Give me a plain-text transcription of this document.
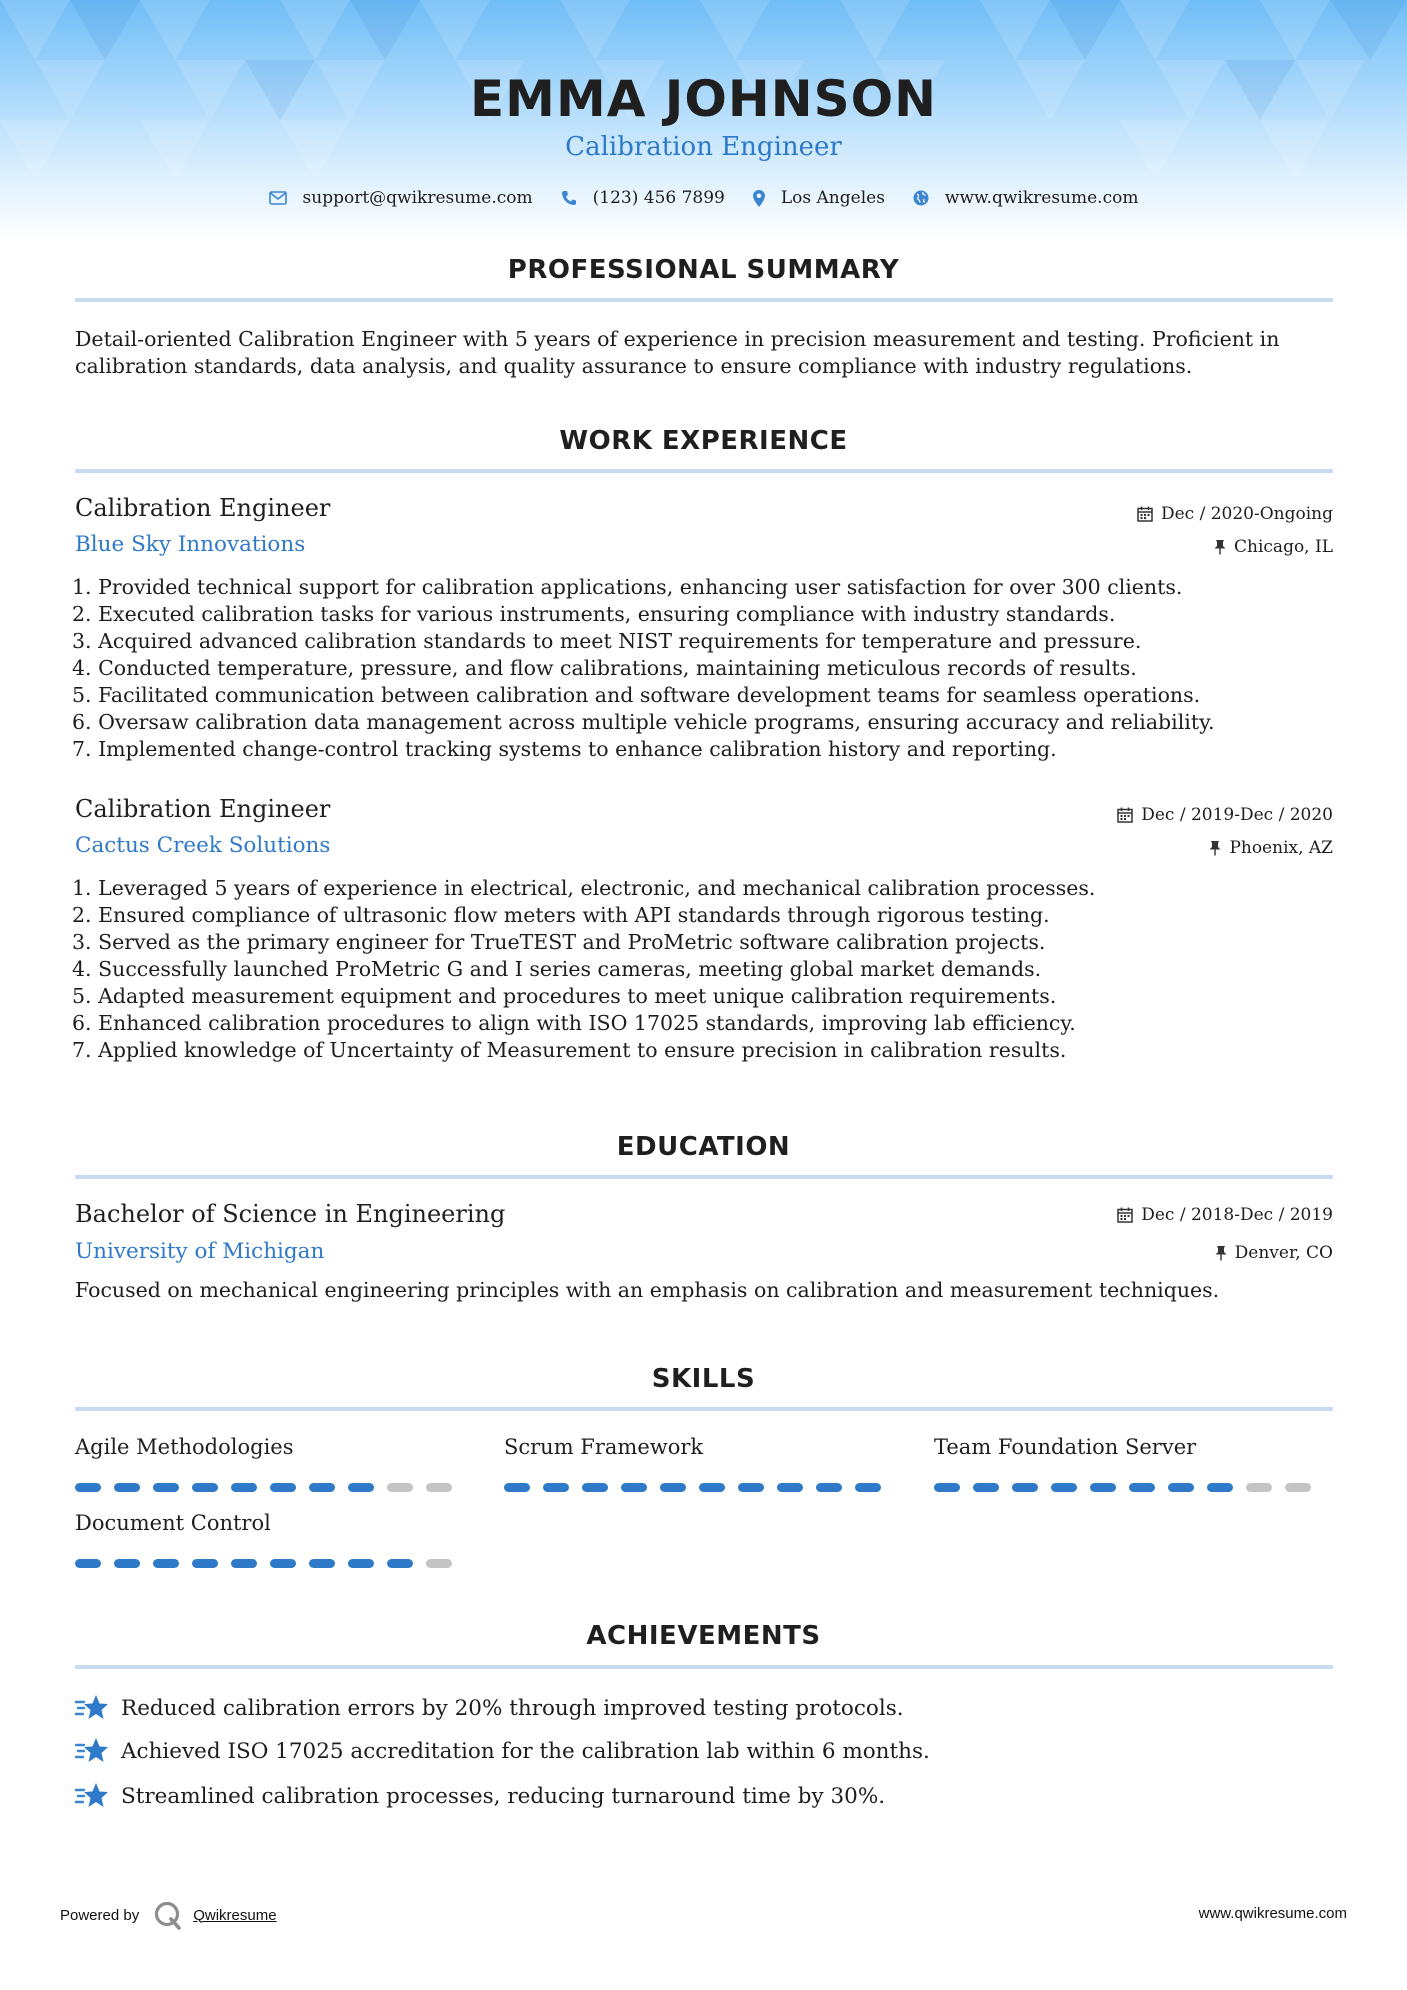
EMMA JOHNSON
Calibration Engineer
support@qwikresume.com	(123) 456 7899	Los Angeles	www.qwikresume.com
PROFESSIONAL SUMMARY
Detail-oriented Calibration Engineer with 5 years of experience in precision measurement and testing. Proficient in
calibration standards, data analysis, and quality assurance to ensure compliance with industry regulations.
WORK EXPERIENCE
Calibration Engineer	Dec / 2020-Ongoing
Blue Sky Innovations	Chicago, IL
1. Provided technical support for calibration applications, enhancing user satisfaction for over 300 clients.
2. Executed calibration tasks for various instruments, ensuring compliance with industry standards.
3. Acquired advanced calibration standards to meet NIST requirements for temperature and pressure.
4. Conducted temperature, pressure, and flow calibrations, maintaining meticulous records of results.
5. Facilitated communication between calibration and software development teams for seamless operations.
6. Oversaw calibration data management across multiple vehicle programs, ensuring accuracy and reliability.
7. Implemented change-control tracking systems to enhance calibration history and reporting.
Calibration Engineer	Dec / 2019-Dec / 2020
Cactus Creek Solutions	Phoenix, AZ
1. Leveraged 5 years of experience in electrical, electronic, and mechanical calibration processes.
2. Ensured compliance of ultrasonic flow meters with API standards through rigorous testing.
3. Served as the primary engineer for TrueTEST and ProMetric software calibration projects.
4. Successfully launched ProMetric G and I series cameras, meeting global market demands.
5. Adapted measurement equipment and procedures to meet unique calibration requirements.
6. Enhanced calibration procedures to align with ISO 17025 standards, improving lab efficiency.
7. Applied knowledge of Uncertainty of Measurement to ensure precision in calibration results.
EDUCATION
Bachelor of Science in Engineering	Dec / 2018-Dec / 2019
University of Michigan	Denver, CO
Focused on mechanical engineering principles with an emphasis on calibration and measurement techniques.
SKILLS
Agile Methodologies	Scrum Framework	Team Foundation Server
Document Control
ACHIEVEMENTS
Reduced calibration errors by 20% through improved testing protocols.
Achieved ISO 17025 accreditation for the calibration lab within 6 months.
Streamlined calibration processes, reducing turnaround time by 30%.
Powered by	Qwikresume	www.qwikresume.com
